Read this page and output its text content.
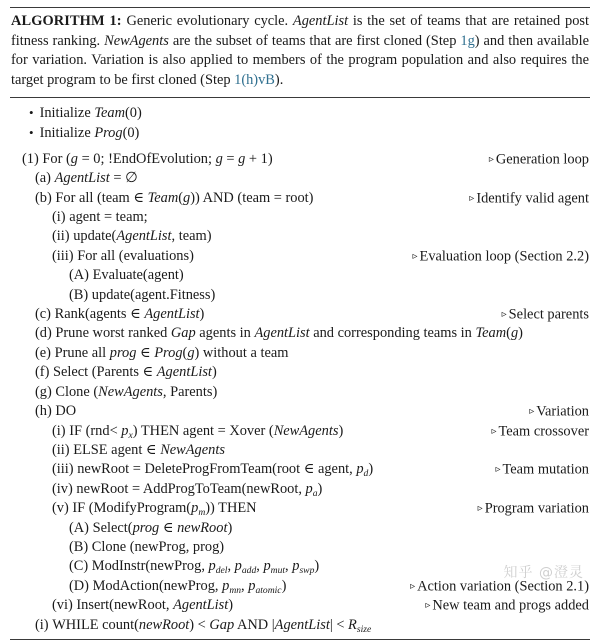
ALGORITHM 1: Generic evolutionary cycle. AgentList is the set of teams that are retained post fitness ranking. NewAgents are the subset of teams that are first cloned (Step 1g) and then available for variation. Variation is also applied to members of the program population and also requires the target program to be first cloned (Step 1(h)vB).
• Initialize Team(0)
• Initialize Prog(0)
(1) For (g = 0; !EndOfEvolution; g = g + 1)	▹ Generation loop
(a) AgentList = ∅
(b) For all (team ∈ Team(g)) AND (team = root)	▹ Identify valid agent
(i) agent = team;
(ii) update(AgentList, team)
(iii) For all (evaluations)	▹ Evaluation loop (Section 2.2)
(A) Evaluate(agent)
(B) update(agent.Fitness)
(c) Rank(agents ∈ AgentList)	▹ Select parents
(d) Prune worst ranked Gap agents in AgentList and corresponding teams in Team(g)
(e) Prune all prog ∈ Prog(g) without a team
(f) Select (Parents ∈ AgentList)
(g) Clone (NewAgents, Parents)
(h) DO	▹ Variation
(i) IF $(rnd< p_x)$ THEN agent = Xover (NewAgents)	▹ Team crossover
(ii) ELSE agent ∈ NewAgents
(iii) newRoot = DeleteProgFromTeam(root ∈ agent, $p_d$)	▹ Team mutation
(iv) newRoot = AddProgToTeam(newRoot, $p_a$)
(v) IF $(ModifyProgram(p_m))$ THEN	▹ Program variation
(A) Select(prog ∈ newRoot)
(B) Clone (newProg, prog)
(C) ModInstr(newProg, $p_{del}$, $p_{add}$, $p_{mut}$, $p_{swp}$)
(D) ModAction(newProg, $p_{mn}$, $p_{atomic}$)	▹ Action variation (Section 2.1)
(vi) Insert(newRoot, AgentList)	▹ New team and progs added
(i) WHILE count(newRoot) < Gap AND |AgentList| < $R_{size}$
知乎 @澄灵
